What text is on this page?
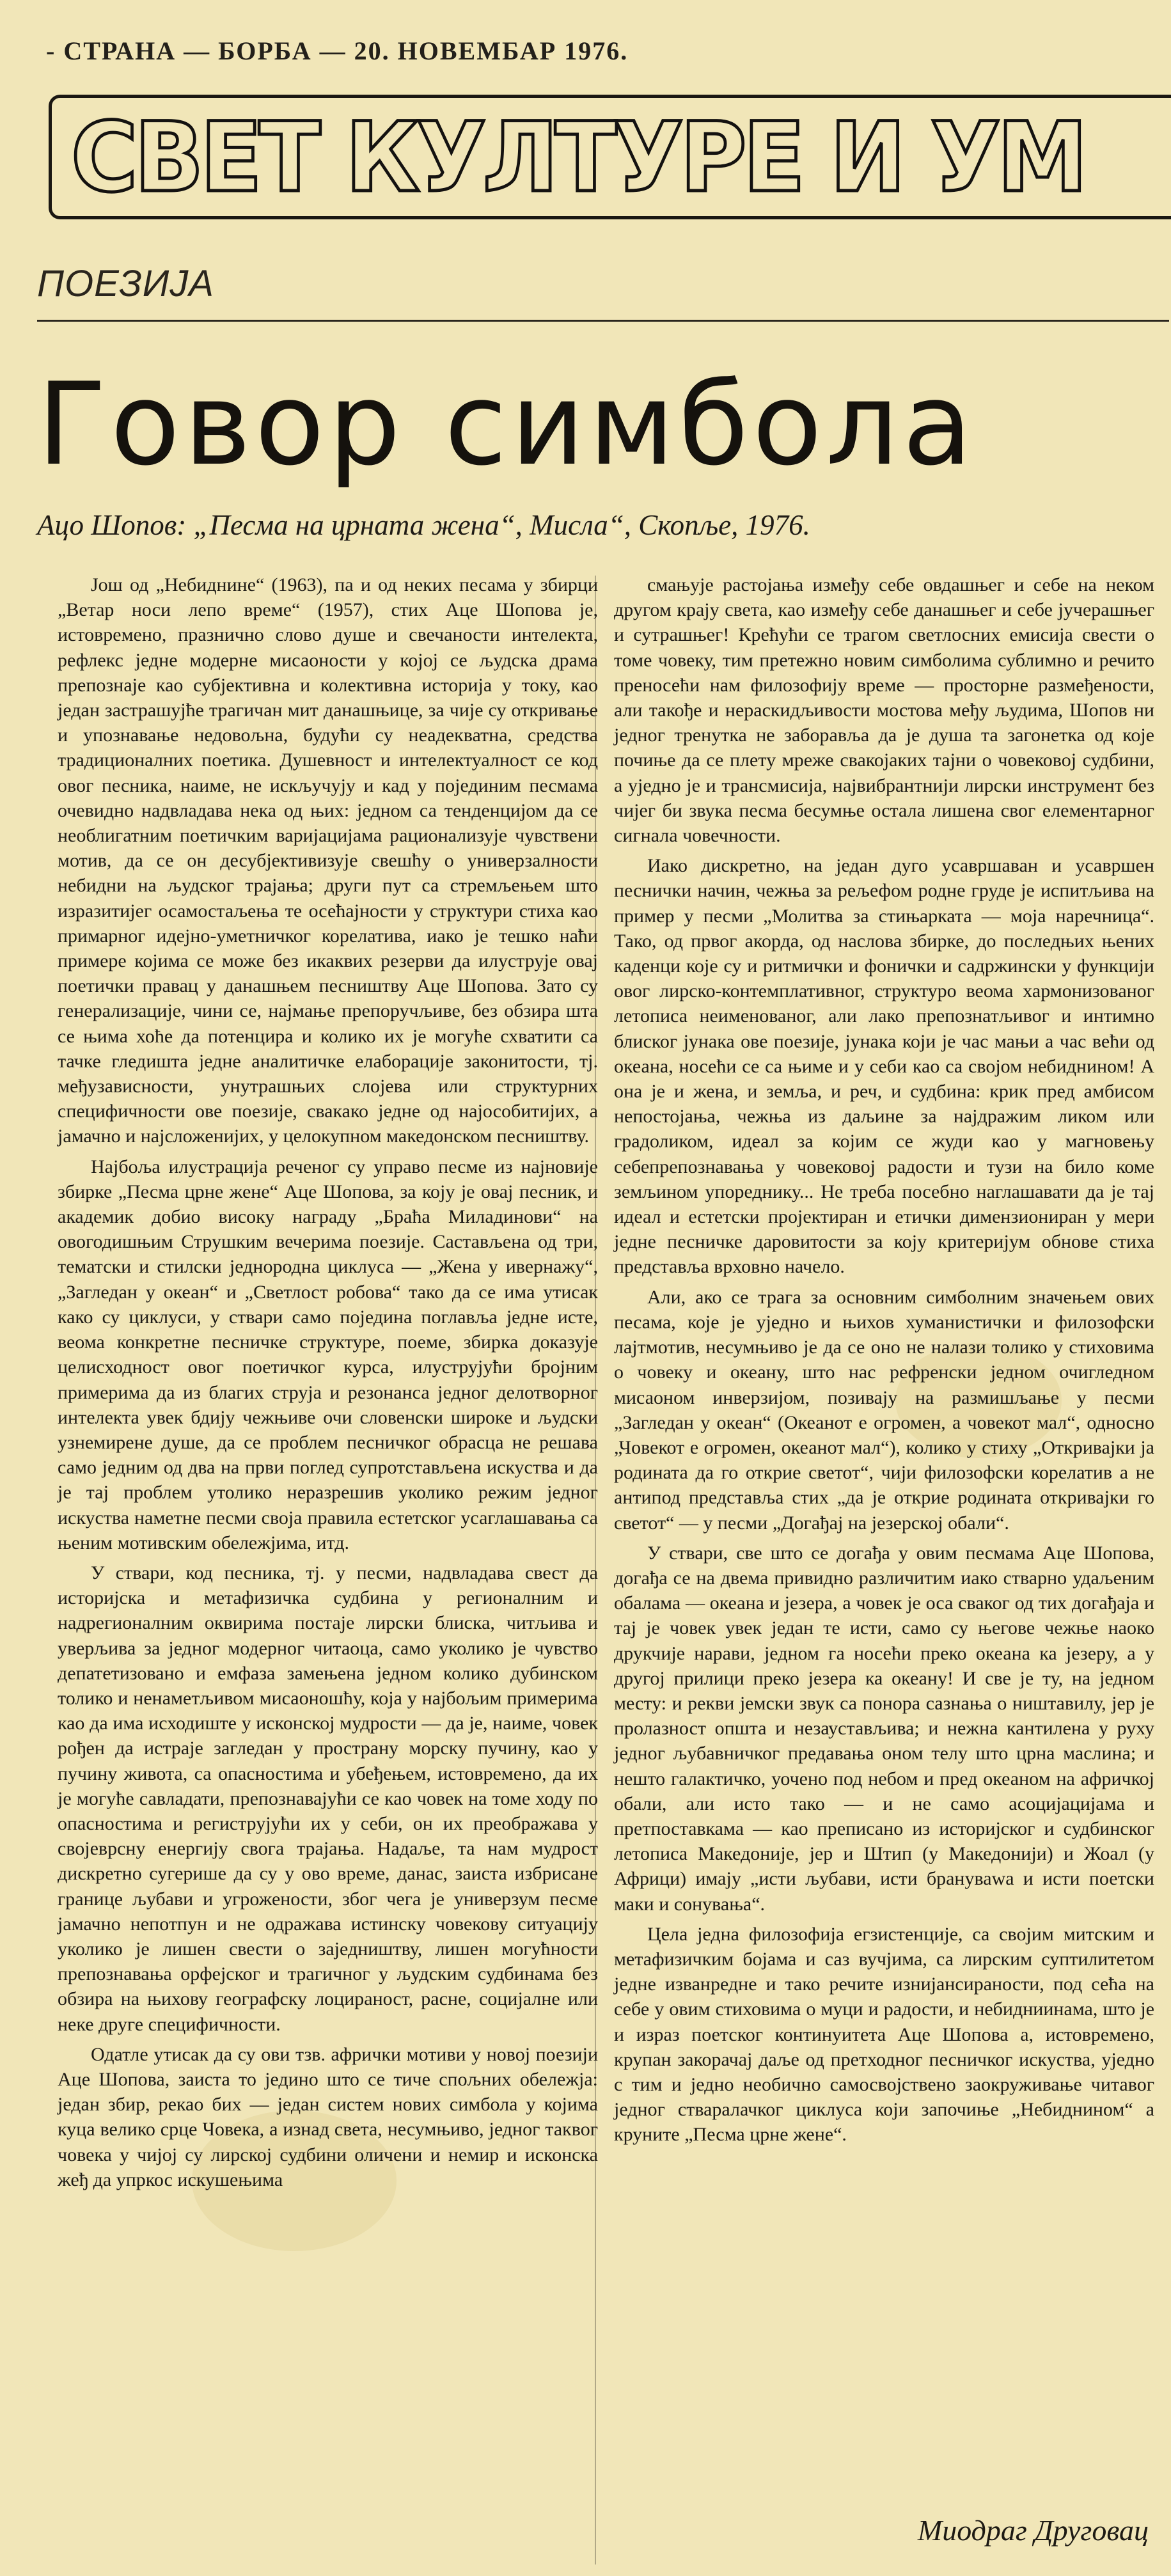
- СТРАНА — БОРБА — 20. НОВЕМБАР 1976.
СВЕТ КУЛТУРЕ И УМ
ПОЕЗИЈА
Говор симбола
Ацо Шопов: „Песма на црната жена“, Мисла“, Скопље, 1976.

Још од „Небиднине“ (1963), па и од неких песама у збирци „Ветар носи лепо време“ (1957), стих Аце Шопова је, истовремено, празнично слово душе и свечаности интелекта, рефлекс једне модерне мисаоности у којој се људска драма препознаје као субјективна и колективна историја у току, као један застрашујће трагичан мит данашњице, за чије су откривање и упознавање недовољна, будући су неадекватна, средства традиционалних поетика. Душевност и интелектуалност се код овог песника, наиме, не искључују и кад у појединим песмама очевидно надвладава нека од њих: једном са тенденцијом да се необлигатним поетичким варијацијама рационализује чувствени мотив, да се он десубјективизује свешћу о универзалности небидни на људског трајања; други пут са стремљењем што изразитијег осамостаљења те осећајности у структури стиха као примарног идејно-уметничког корелатива, иако је тешко наћи примере којима се може без икаквих резерви да илуструје овај поетички правац у данашњем песништву Аце Шопова. Зато су генерализације, чини се, најмање препоручљиве, без обзира шта се њима хоће да потенцира и колико их је могуће схватити са тачке гледишта једне аналитичке елаборације законитости, тј. међузависности, унутрашњих слојева или структурних специфичности ове поезије, свакако једне од најособитијих, а јамачно и најсложенијих, у целокупном македонском песништву.

Најбоља илустрација реченог су управо песме из најновије збирке „Песма црне жене“ Аце Шопова, за коју је овај песник, и академик добио високу награду „Браћа Миладинови“ на овогодишњим Струшким вечерима поезије. Састављена од три, тематски и стилски једнородна циклуса — „Жена у ивернажу“, „Загледан у океан“ и „Светлост робова“ тако да се има утисак како су циклуси, у ствари само поједина поглавља једне исте, веома конкретне песничке структуре, поеме, збирка доказује целисходност овог поетичког курса, илуструјући бројним примерима да из благих струја и резонанса једног делотворног интелекта увек бдију чежњиве очи словенски широке и људски узнемирене душе, да се проблем песничког обрасца не решава само једним од два на први поглед супротстављена искуства и да је тај проблем утолико неразрешив уколико режим једног искуства наметне песми своја правила естетског усаглашавања са њеним мотивским обележјима, итд.

У ствари, код песника, тј. у песми, надвладава свест да историјска и метафизичка судбина у регионалним и надрегионалним оквирима постаје лирски блиска, читљива и уверљива за једног модерног читаоца, само уколико је чувство депатетизовано и емфаза замењена једном колико дубинском толико и ненаметљивом мисаоношћу, која у најбољим примерима као да има исходиште у исконској мудрости — да је, наиме, човек рођен да истраје загледан у пространу морску пучину, као у пучину живота, са опасностима и убеђењем, истовремено, да их је могуће савладати, препознавајући се као човек на томе ходу по опасностима и региструјући их у себи, он их преображава у својеврсну енергију свога трајања. Надаље, та нам мудрост дискретно сугерише да су у ово време, данас, заиста избрисане границе љубави и угрожености, због чега је универзум песме јамачно непотпун и не одражава истинску човекову ситуацију уколико је лишен свести о заједништву, лишен могућности препознавања орфејског и трагичног у људским судбинама без обзира на њихову географску лоцираност, расне, социјалне или неке друге специфичности.

Одатле утисак да су ови тзв. афрички мотиви у новој поезији Аце Шопова, заиста то једино што се тиче спољних обележја: један збир, рекао бих — један систем нових симбола у којима куца велико срце Човека, а изнад света, несумњиво, једног таквог човека у чијој су лирској судбини оличени и немир и исконска жеђ да упркос искушењима

смањује растојања између себе овдашњег и себе на неком другом крају света, као између себе данашњег и себе јучерашњег и сутрашњег! Крећући се трагом светлосних емисија свести о томе човеку, тим претежно новим симболима сублимно и речито преносећи нам филозофију време — просторне размеђености, али такође и нераскидљивости мостова међу људима, Шопов ни једног тренутка не заборавља да је душа та загонетка од које почиње да се плету мреже свакојаких тајни о човековој судбини, а уједно је и трансмисија, највибрантнији лирски инструмент без чијег би звука песма бесумње остала лишена свог елементарног сигнала човечности.

Иако дискретно, на један дуго усавршаван и усавршен песнички начин, чежња за рељефом родне груде је испитљива на пример у песми „Молитва за стињарката — моја наречница“. Тако, од првог акорда, од наслова збирке, до последњих њених каденци које су и ритмички и фонички и садржински у функцији овог лирско-контемплативног, структуро веома хармонизованог летописа неименованог, али лако препознатљивог и интимно блиског јунака ове поезије, јунака који је час мањи а час већи од океана, носећи се са њиме и у себи као са својом небиднином! А она је и жена, и земља, и реч, и судбина: крик пред амбисом непостојања, чежња из даљине за најдражим ликом или градоликом, идеал за којим се жуди као у магновењу себепрепознавања у човековој радости и тузи на било коме земљином упореднику... Не треба посебно наглашавати да је тај идеал и естетски пројектиран и етички димензиониран у мери једне песничке даровитости за коју критеријум обнове стиха представља врховно начело.

Али, ако се трага за основним симболним значењем ових песама, које је уједно и њихов хуманистички и филозофски лајтмотив, несумњиво је да се оно не налази толико у стиховима о човеку и океану, што нас рефренски једном очигледном мисаоном инверзијом, позивају на размишљање у песми „Загледан у океан“ (Океанот е огромен, а човекот мал“, односно „Човекот е огромен, океанот мал“), колико у стиху „Откривајки ја родината да го открие светот“, чији филозофски корелатив а не антипод представља стих „да је открие родината откривајки го светот“ — у песми „Догађај на језерској обали“.

У ствари, све што се догађа у овим песмама Аце Шопова, догађа се на двема привидно различитим иако стварно удаљеним обалама — океана и језера, а човек је оса сваког од тих догађаја и тај је човек увек један те исти, само су његове чежње наоко друкчије нарави, једном га носећи преко океана ка језеру, а у другој прилици преко језера ка океану! И све је ту, на једном месту: и рекви јемски звук са понора сазнања о ништавилу, јер је пролазност општа и незаустављива; и нежна кантилена у руху једног љубавничког предавања оном телу што црна маслина; и нешто галактичко, уочено под небом и пред океаном на афричкој обали, али исто тако — и не само асоцијацијама и претпоставкама — као преписано из историјског и судбинског летописа Македоније, јер и Штип (у Македонији) и Жоал (у Африци) имају „исти љубави, исти брануваwа и исти поетски маки и сонувања“.

Цела једна филозофија егзистенције, са својим митским и метафизичким бојама и саз вучјима, са лирским суптилитетом једне изванредне и тако речите изнијансираности, под сећа на себе у овим стиховима о муци и радости, и небидниинама, што је и израз поетског континуитета Аце Шопова а, истовремено, крупан закорачај даље од претходног песничког искуства, уједно с тим и једно необично самосвојствено заокруживање читавог једног стваралачког циклуса који започиње „Небиднином“ а круните „Песма црне жене“.

Миодраг Друговац
